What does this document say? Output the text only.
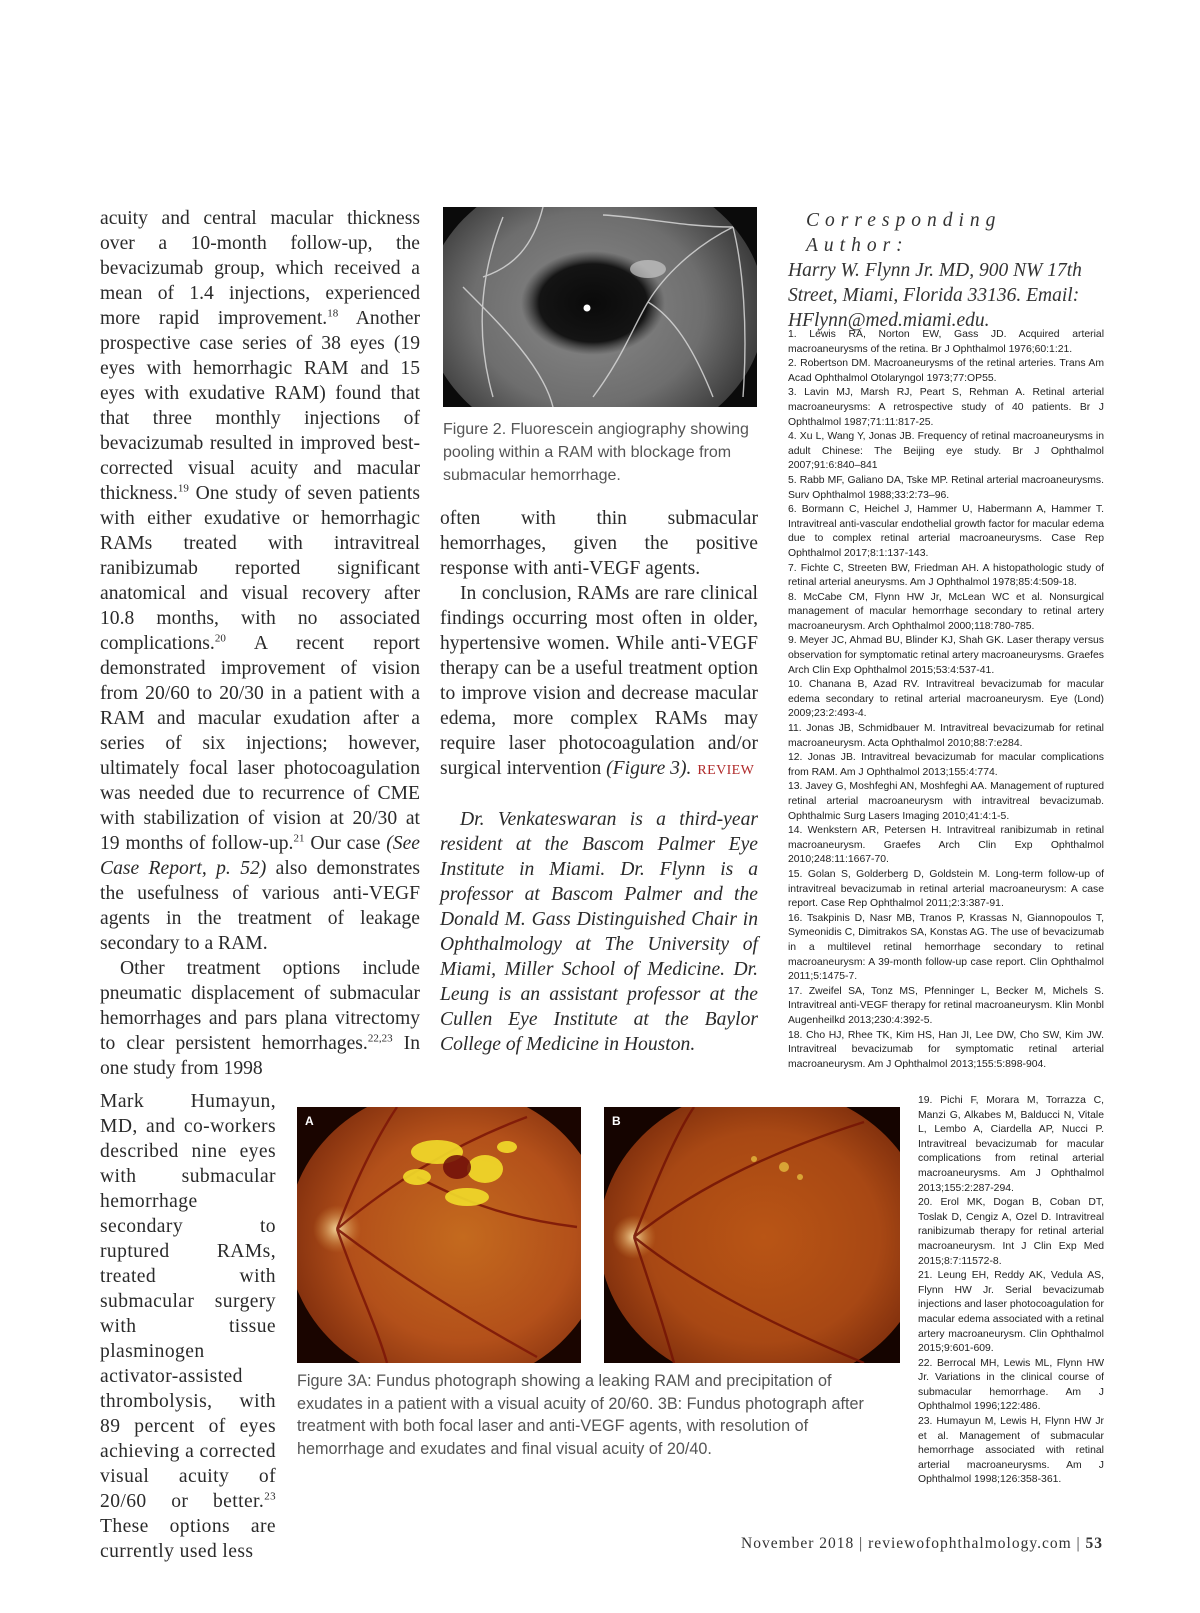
acuity and central macular thickness over a 10-month follow-up, the bevacizumab group, which received a mean of 1.4 injections, experienced more rapid improvement.$^{18}$ Another prospective case series of 38 eyes (19 eyes with hemorrhagic RAM and 15 eyes with exudative RAM) found that that three monthly injections of bevacizumab resulted in improved best-corrected visual acuity and macular thickness.$^{19}$ One study of seven patients with either exudative or hemorrhagic RAMs treated with intravitreal ranibizumab reported significant anatomical and visual recovery after 10.8 months, with no associated complications.$^{20}$ A recent report demonstrated improvement of vision from 20/60 to 20/30 in a patient with a RAM and macular exudation after a series of six injections; however, ultimately focal laser photocoagulation was needed due to recurrence of CME with stabilization of vision at 20/30 at 19 months of follow-up.$^{21}$ Our case (See Case Report, p. 52) also demonstrates the usefulness of various anti-VEGF agents in the treatment of leakage secondary to a RAM.

Other treatment options include pneumatic displacement of submacular hemorrhages and pars plana vitrectomy to clear persistent hemorrhages.$^{22,23}$ In one study from 1998

Mark Humayun, MD, and co-workers described nine eyes with submacular hemorrhage secondary to ruptured RAMs, treated with submacular surgery with tissue plasminogen activator-assisted thrombolysis, with 89 percent of eyes achieving a corrected visual acuity of 20/60 or better.$^{23}$ These options are currently used less

Figure 2. Fluorescein angiography showing pooling within a RAM with blockage from submacular hemorrhage.

often with thin submacular hemorrhages, given the positive response with anti-VEGF agents.

In conclusion, RAMs are rare clinical findings occurring most often in older, hypertensive women. While anti-VEGF therapy can be a useful treatment option to improve vision and decrease macular edema, more complex RAMs may require laser photocoagulation and/or surgical intervention (Figure 3). REVIEW

Dr. Venkateswaran is a third-year resident at the Bascom Palmer Eye Institute in Miami. Dr. Flynn is a professor at Bascom Palmer and the Donald M. Gass Distinguished Chair in Ophthalmology at The University of Miami, Miller School of Medicine. Dr. Leung is an assistant professor at the Cullen Eye Institute at the Baylor College of Medicine in Houston.

Corresponding Author:
Harry W. Flynn Jr. MD, 900 NW 17th Street, Miami, Florida 33136. Email: HFlynn@med.miami.edu.

1. Lewis RA, Norton EW, Gass JD. Acquired arterial macroaneurysms of the retina. Br J Ophthalmol 1976;60:1:21.

2. Robertson DM. Macroaneurysms of the retinal arteries. Trans Am Acad Ophthalmol Otolaryngol 1973;77:OP55.

3. Lavin MJ, Marsh RJ, Peart S, Rehman A. Retinal arterial macroaneurysms: A retrospective study of 40 patients. Br J Ophthalmol 1987;71:11:817-25.

4. Xu L, Wang Y, Jonas JB. Frequency of retinal macroaneurysms in adult Chinese: The Beijing eye study. Br J Ophthalmol 2007;91:6:840–841

5. Rabb MF, Galiano DA, Tske MP. Retinal arterial macroaneurysms. Surv Ophthalmol 1988;33:2:73–96.

6. Bormann C, Heichel J, Hammer U, Habermann A, Hammer T. Intravitreal anti-vascular endothelial growth factor for macular edema due to complex retinal arterial macroaneurysms. Case Rep Ophthalmol 2017;8:1:137-143.

7. Fichte C, Streeten BW, Friedman AH. A histopathologic study of retinal arterial aneurysms. Am J Ophthalmol 1978;85:4:509-18.

8. McCabe CM, Flynn HW Jr, McLean WC et al. Nonsurgical management of macular hemorrhage secondary to retinal artery macroaneurysm. Arch Ophthalmol 2000;118:780-785.

9. Meyer JC, Ahmad BU, Blinder KJ, Shah GK. Laser therapy versus observation for symptomatic retinal artery macroaneurysms. Graefes Arch Clin Exp Ophthalmol 2015;53:4:537-41.

10. Chanana B, Azad RV. Intravitreal bevacizumab for macular edema secondary to retinal arterial macroaneurysm. Eye (Lond) 2009;23:2:493-4.

11. Jonas JB, Schmidbauer M. Intravitreal bevacizumab for retinal macroaneurysm. Acta Ophthalmol 2010;88:7:e284.

12. Jonas JB. Intravitreal bevacizumab for macular complications from RAM. Am J Ophthalmol 2013;155:4:774.

13. Javey G, Moshfeghi AN, Moshfeghi AA. Management of ruptured retinal arterial macroaneurysm with intravitreal bevacizumab. Ophthalmic Surg Lasers Imaging 2010;41:4:1-5.

14. Wenkstern AR, Petersen H. Intravitreal ranibizumab in retinal macroaneurysm. Graefes Arch Clin Exp Ophthalmol 2010;248:11:1667-70.

15. Golan S, Golderberg D, Goldstein M. Long-term follow-up of intravitreal bevacizumab in retinal arterial macroaneurysm: A case report. Case Rep Ophthalmol 2011;2:3:387-91.

16. Tsakpinis D, Nasr MB, Tranos P, Krassas N, Giannopoulos T, Symeonidis C, Dimitrakos SA, Konstas AG. The use of bevacizumab in a multilevel retinal hemorrhage secondary to retinal macroaneurysm: A 39-month follow-up case report. Clin Ophthalmol 2011;5:1475-7.

17. Zweifel SA, Tonz MS, Pfenninger L, Becker M, Michels S. Intravitreal anti-VEGF therapy for retinal macroaneurysm. Klin Monbl Augenheilkd 2013;230:4:392-5.

18. Cho HJ, Rhee TK, Kim HS, Han JI, Lee DW, Cho SW, Kim JW. Intravitreal bevacizumab for symptomatic retinal arterial macroaneurysm. Am J Ophthalmol 2013;155:5:898-904.

19. Pichi F, Morara M, Torrazza C, Manzi G, Alkabes M, Balducci N, Vitale L, Lembo A, Ciardella AP, Nucci P. Intravitreal bevacizumab for macular complications from retinal arterial macroaneurysms. Am J Ophthalmol 2013;155:2:287-294.

20. Erol MK, Dogan B, Coban DT, Toslak D, Cengiz A, Ozel D. Intravitreal ranibizumab therapy for retinal arterial macroaneurysm. Int J Clin Exp Med 2015;8:7:11572-8.

21. Leung EH, Reddy AK, Vedula AS, Flynn HW Jr. Serial bevacizumab injections and laser photocoagulation for macular edema associated with a retinal artery macroaneurysm. Clin Ophthalmol 2015;9:601-609.

22. Berrocal MH, Lewis ML, Flynn HW Jr. Variations in the clinical course of submacular hemorrhage. Am J Ophthalmol 1996;122:486.

23. Humayun M, Lewis H, Flynn HW Jr et al. Management of submacular hemorrhage associated with retinal arterial macroaneurysms. Am J Ophthalmol 1998;126:358-361.

A	B
Figure 3A: Fundus photograph showing a leaking RAM and precipitation of exudates in a patient with a visual acuity of 20/60. 3B: Fundus photograph after treatment with both focal laser and anti-VEGF agents, with resolution of hemorrhage and exudates and final visual acuity of 20/40.
November 2018 | reviewofophthalmology.com | 53
